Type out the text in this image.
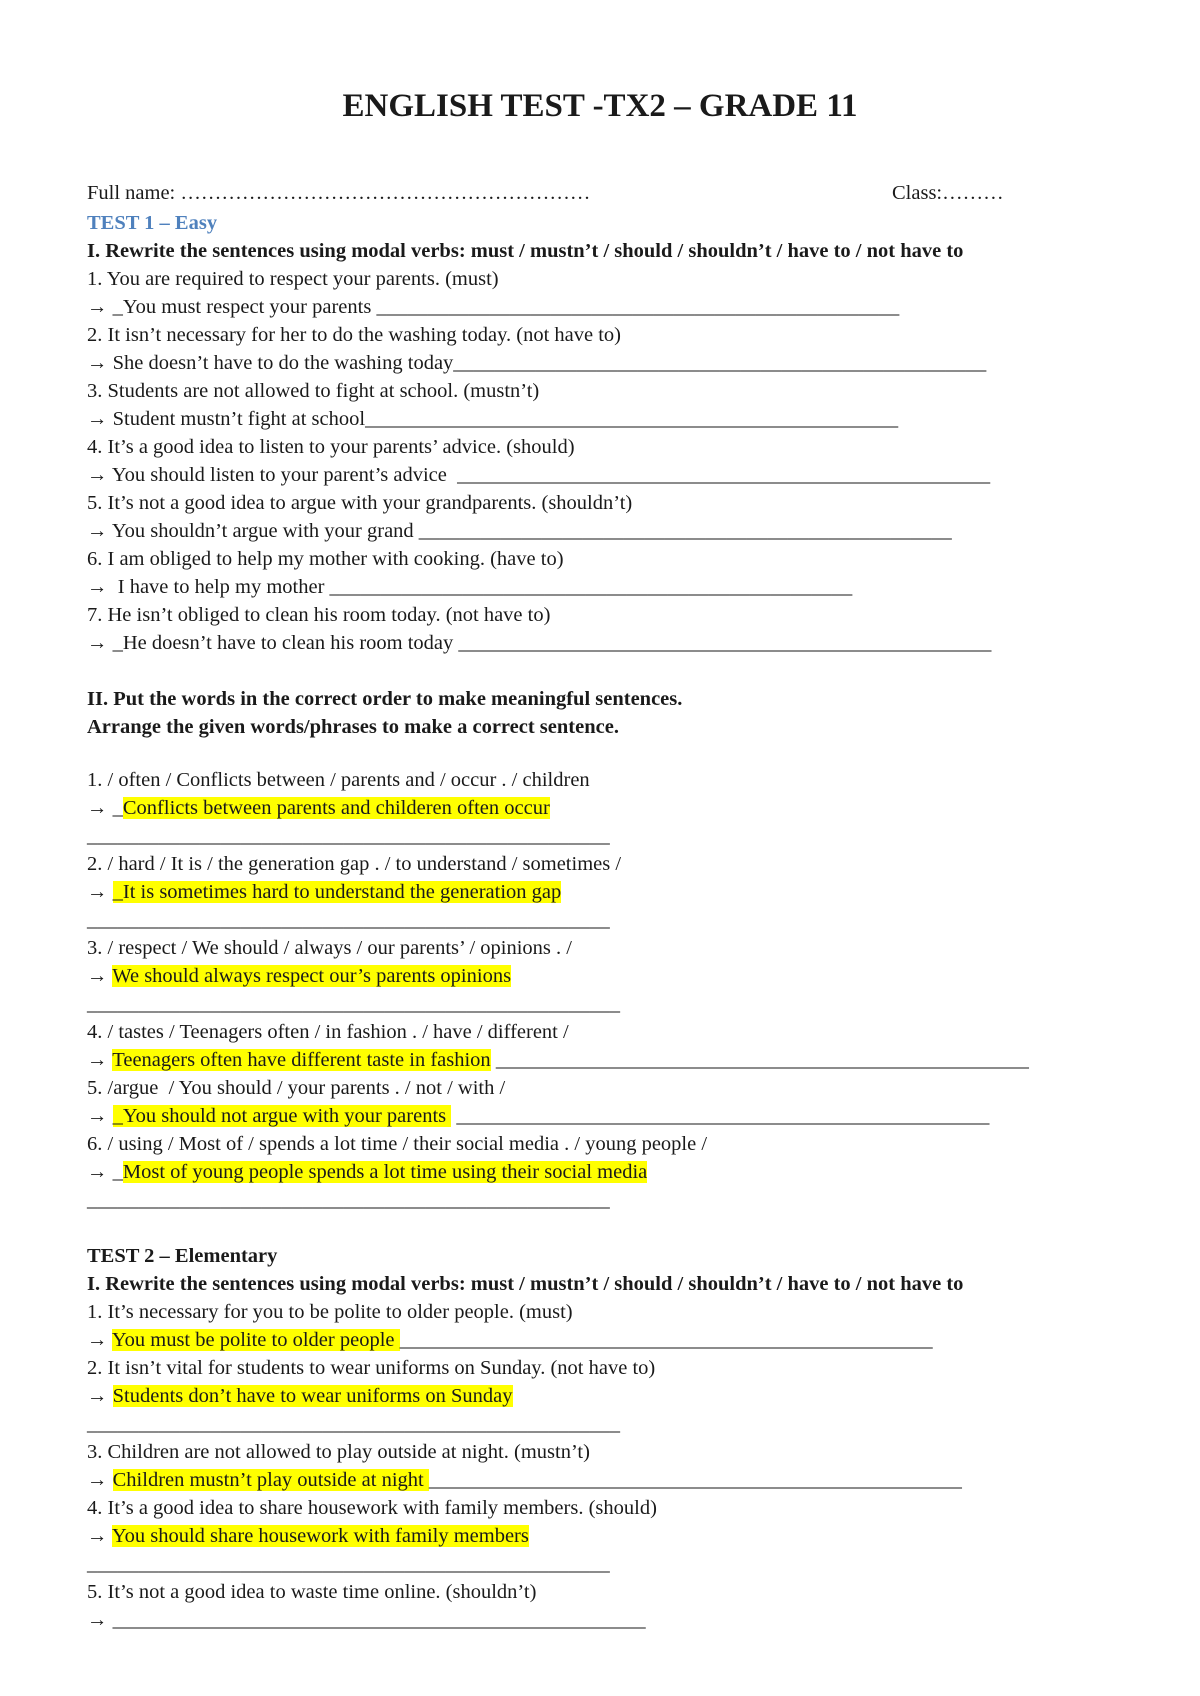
ENGLISH TEST -TX2 – GRADE 11
Full name: ……………………………………………………	Class:………
TEST 1 – Easy
I. Rewrite the sentences using modal verbs: must / mustn’t / should / shouldn’t / have to / not have to
1. You are required to respect your parents. (must)
→ _You must respect your parents ___________________________________________________
2. It isn’t necessary for her to do the washing today. (not have to)
→ She doesn’t have to do the washing today____________________________________________________
3. Students are not allowed to fight at school. (mustn’t)
→ Student mustn’t fight at school____________________________________________________
4. It’s a good idea to listen to your parents’ advice. (should)
→ You should listen to your parent’s advice  ____________________________________________________
5. It’s not a good idea to argue with your grandparents. (shouldn’t)
→ You shouldn’t argue with your grand ____________________________________________________
6. I am obliged to help my mother with cooking. (have to)
→  I have to help my mother ___________________________________________________
7. He isn’t obliged to clean his room today. (not have to)
→ _He doesn’t have to clean his room today ____________________________________________________
II. Put the words in the correct order to make meaningful sentences.
Arrange the given words/phrases to make a correct sentence.
1. / often / Conflicts between / parents and / occur . / children
→ _Conflicts between parents and childeren often occur
___________________________________________________
2. / hard / It is / the generation gap . / to understand / sometimes /
→ _It is sometimes hard to understand the generation gap
___________________________________________________
3. / respect / We should / always / our parents’ / opinions . /
→ We should always respect our’s parents opinions
____________________________________________________
4. / tastes / Teenagers often / in fashion . / have / different /
→ Teenagers often have different taste in fashion ____________________________________________________
5. /argue  / You should / your parents . / not / with /
→ _You should not argue with your parents  ____________________________________________________
6. / using / Most of / spends a lot time / their social media . / young people /
→ _Most of young people spends a lot time using their social media
___________________________________________________
TEST 2 – Elementary
I. Rewrite the sentences using modal verbs: must / mustn’t / should / shouldn’t / have to / not have to
1. It’s necessary for you to be polite to older people. (must)
→ You must be polite to older people ____________________________________________________
2. It isn’t vital for students to wear uniforms on Sunday. (not have to)
→ Students don’t have to wear uniforms on Sunday
____________________________________________________
3. Children are not allowed to play outside at night. (mustn’t)
→ Children mustn’t play outside at night ____________________________________________________
4. It’s a good idea to share housework with family members. (should)
→ You should share housework with family members
___________________________________________________
5. It’s not a good idea to waste time online. (shouldn’t)
→ ____________________________________________________
